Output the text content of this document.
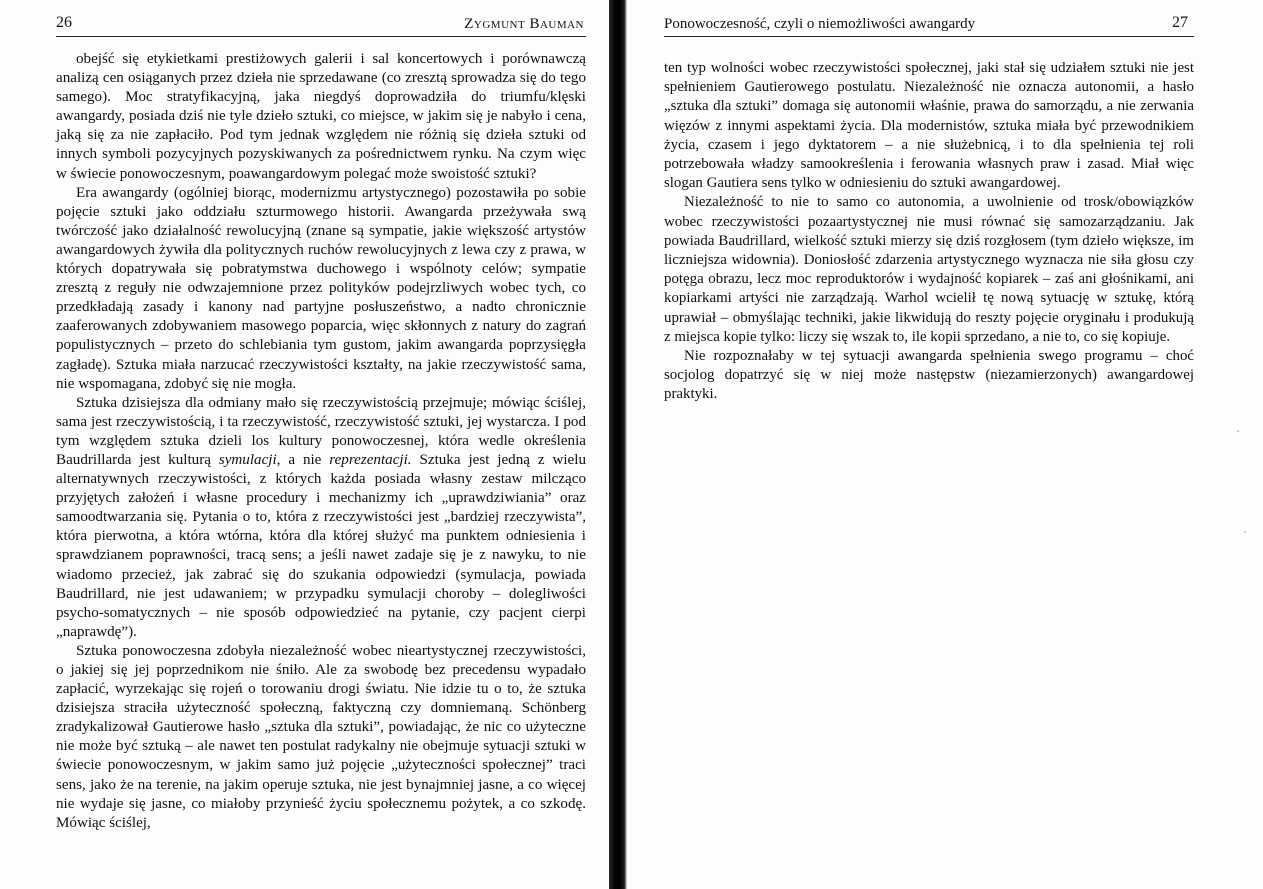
26	Zygmunt Bauman

obejść się etykietkami prestiżowych galerii i sal koncertowych i porównawczą analizą cen osiąganych przez dzieła nie sprzedawane (co zresztą sprowadza się do tego samego). Moc stratyfikacyjną, jaka niegdyś doprowadziła do triumfu/klęski awangardy, posiada dziś nie tyle dzieło sztuki, co miejsce, w jakim się je nabyło i cena, jaką się za nie zapłaciło. Pod tym jednak względem nie różnią się dzieła sztuki od innych symboli pozycyjnych pozyskiwanych za pośrednictwem rynku. Na czym więc w świecie ponowoczesnym, poawangardowym polegać może swoistość sztuki?

Era awangardy (ogólniej biorąc, modernizmu artystycznego) pozostawiła po sobie pojęcie sztuki jako oddziału szturmowego historii. Awangarda przeżywała swą twórczość jako działalność rewolucyjną (znane są sympatie, jakie większość artystów awangardowych żywiła dla politycznych ruchów rewolucyjnych z lewa czy z prawa, w których dopatrywała się pobratymstwa duchowego i wspólnoty celów; sympatie zresztą z reguły nie odwzajemnione przez polityków podejrzliwych wobec tych, co przedkładają zasady i kanony nad partyjne posłuszeństwo, a nadto chronicznie zaaferowanych zdobywaniem masowego poparcia, więc skłonnych z natury do zagrań populistycznych – przeto do schlebiania tym gustom, jakim awangarda poprzysięgła zagładę). Sztuka miała narzucać rzeczywistości kształty, na jakie rzeczywistość sama, nie wspomagana, zdobyć się nie mogła.

Sztuka dzisiejsza dla odmiany mało się rzeczywistością przejmuje; mówiąc ściślej, sama jest rzeczywistością, i ta rzeczywistość, rzeczywistość sztuki, jej wystarcza. I pod tym względem sztuka dzieli los kultury ponowoczesnej, która wedle określenia Baudrillarda jest kulturą symulacji, a nie reprezentacji. Sztuka jest jedną z wielu alternatywnych rzeczywistości, z których każda posiada własny zestaw milcząco przyjętych założeń i własne procedury i mechanizmy ich „uprawdziwiania” oraz samoodtwarzania się. Pytania o to, która z rzeczywistości jest „bardziej rzeczywista”, która pierwotna, a która wtórna, która dla której służyć ma punktem odniesienia i sprawdzianem poprawności, tracą sens; a jeśli nawet zadaje się je z nawyku, to nie wiadomo przecież, jak zabrać się do szukania odpowiedzi (symulacja, powiada Baudrillard, nie jest udawaniem; w przypadku symulacji choroby – dolegliwości psycho-somatycznych – nie sposób odpowiedzieć na pytanie, czy pacjent cierpi „naprawdę”).

Sztuka ponowoczesna zdobyła niezależność wobec nieartystycznej rzeczywistości, o jakiej się jej poprzednikom nie śniło. Ale za swobodę bez precedensu wypadało zapłacić, wyrzekając się rojeń o torowaniu drogi światu. Nie idzie tu o to, że sztuka dzisiejsza straciła użyteczność społeczną, faktyczną czy domniemaną. Schönberg zradykalizował Gautierowe hasło „sztuka dla sztuki”, powiadając, że nic co użyteczne nie może być sztuką – ale nawet ten postulat radykalny nie obejmuje sytuacji sztuki w świecie ponowoczesnym, w jakim samo już pojęcie „użyteczności społecznej” traci sens, jako że na terenie, na jakim operuje sztuka, nie jest bynajmniej jasne, a co więcej nie wydaje się jasne, co miałoby przynieść życiu społecznemu pożytek, a co szkodę. Mówiąc ściślej,

Ponowoczesność, czyli o niemożliwości awangardy	27

ten typ wolności wobec rzeczywistości społecznej, jaki stał się udziałem sztuki nie jest spełnieniem Gautierowego postulatu. Niezależność nie oznacza autonomii, a hasło „sztuka dla sztuki” domaga się autonomii właśnie, prawa do samorządu, a nie zerwania więzów z innymi aspektami życia. Dla modernistów, sztuka miała być przewodnikiem życia, czasem i jego dyktatorem – a nie służebnicą, i to dla spełnienia tej roli potrzebowała władzy samookreślenia i ferowania własnych praw i zasad. Miał więc slogan Gautiera sens tylko w odniesieniu do sztuki awangardowej.

Niezależność to nie to samo co autonomia, a uwolnienie od trosk/obowiązków wobec rzeczywistości pozaartystycznej nie musi równać się samozarządzaniu. Jak powiada Baudrillard, wielkość sztuki mierzy się dziś rozgłosem (tym dzieło większe, im liczniejsza widownia). Doniosłość zdarzenia artystycznego wyznacza nie siła głosu czy potęga obrazu, lecz moc reproduktorów i wydajność kopiarek – zaś ani głośnikami, ani kopiarkami artyści nie zarządzają. Warhol wcielił tę nową sytuację w sztukę, którą uprawiał – obmyślając techniki, jakie likwidują do reszty pojęcie oryginału i produkują z miejsca kopie tylko: liczy się wszak to, ile kopii sprzedano, a nie to, co się kopiuje.

Nie rozpoznałaby w tej sytuacji awangarda spełnienia swego programu – choć socjolog dopatrzyć się w niej może następstw (niezamierzonych) awangardowej praktyki.
